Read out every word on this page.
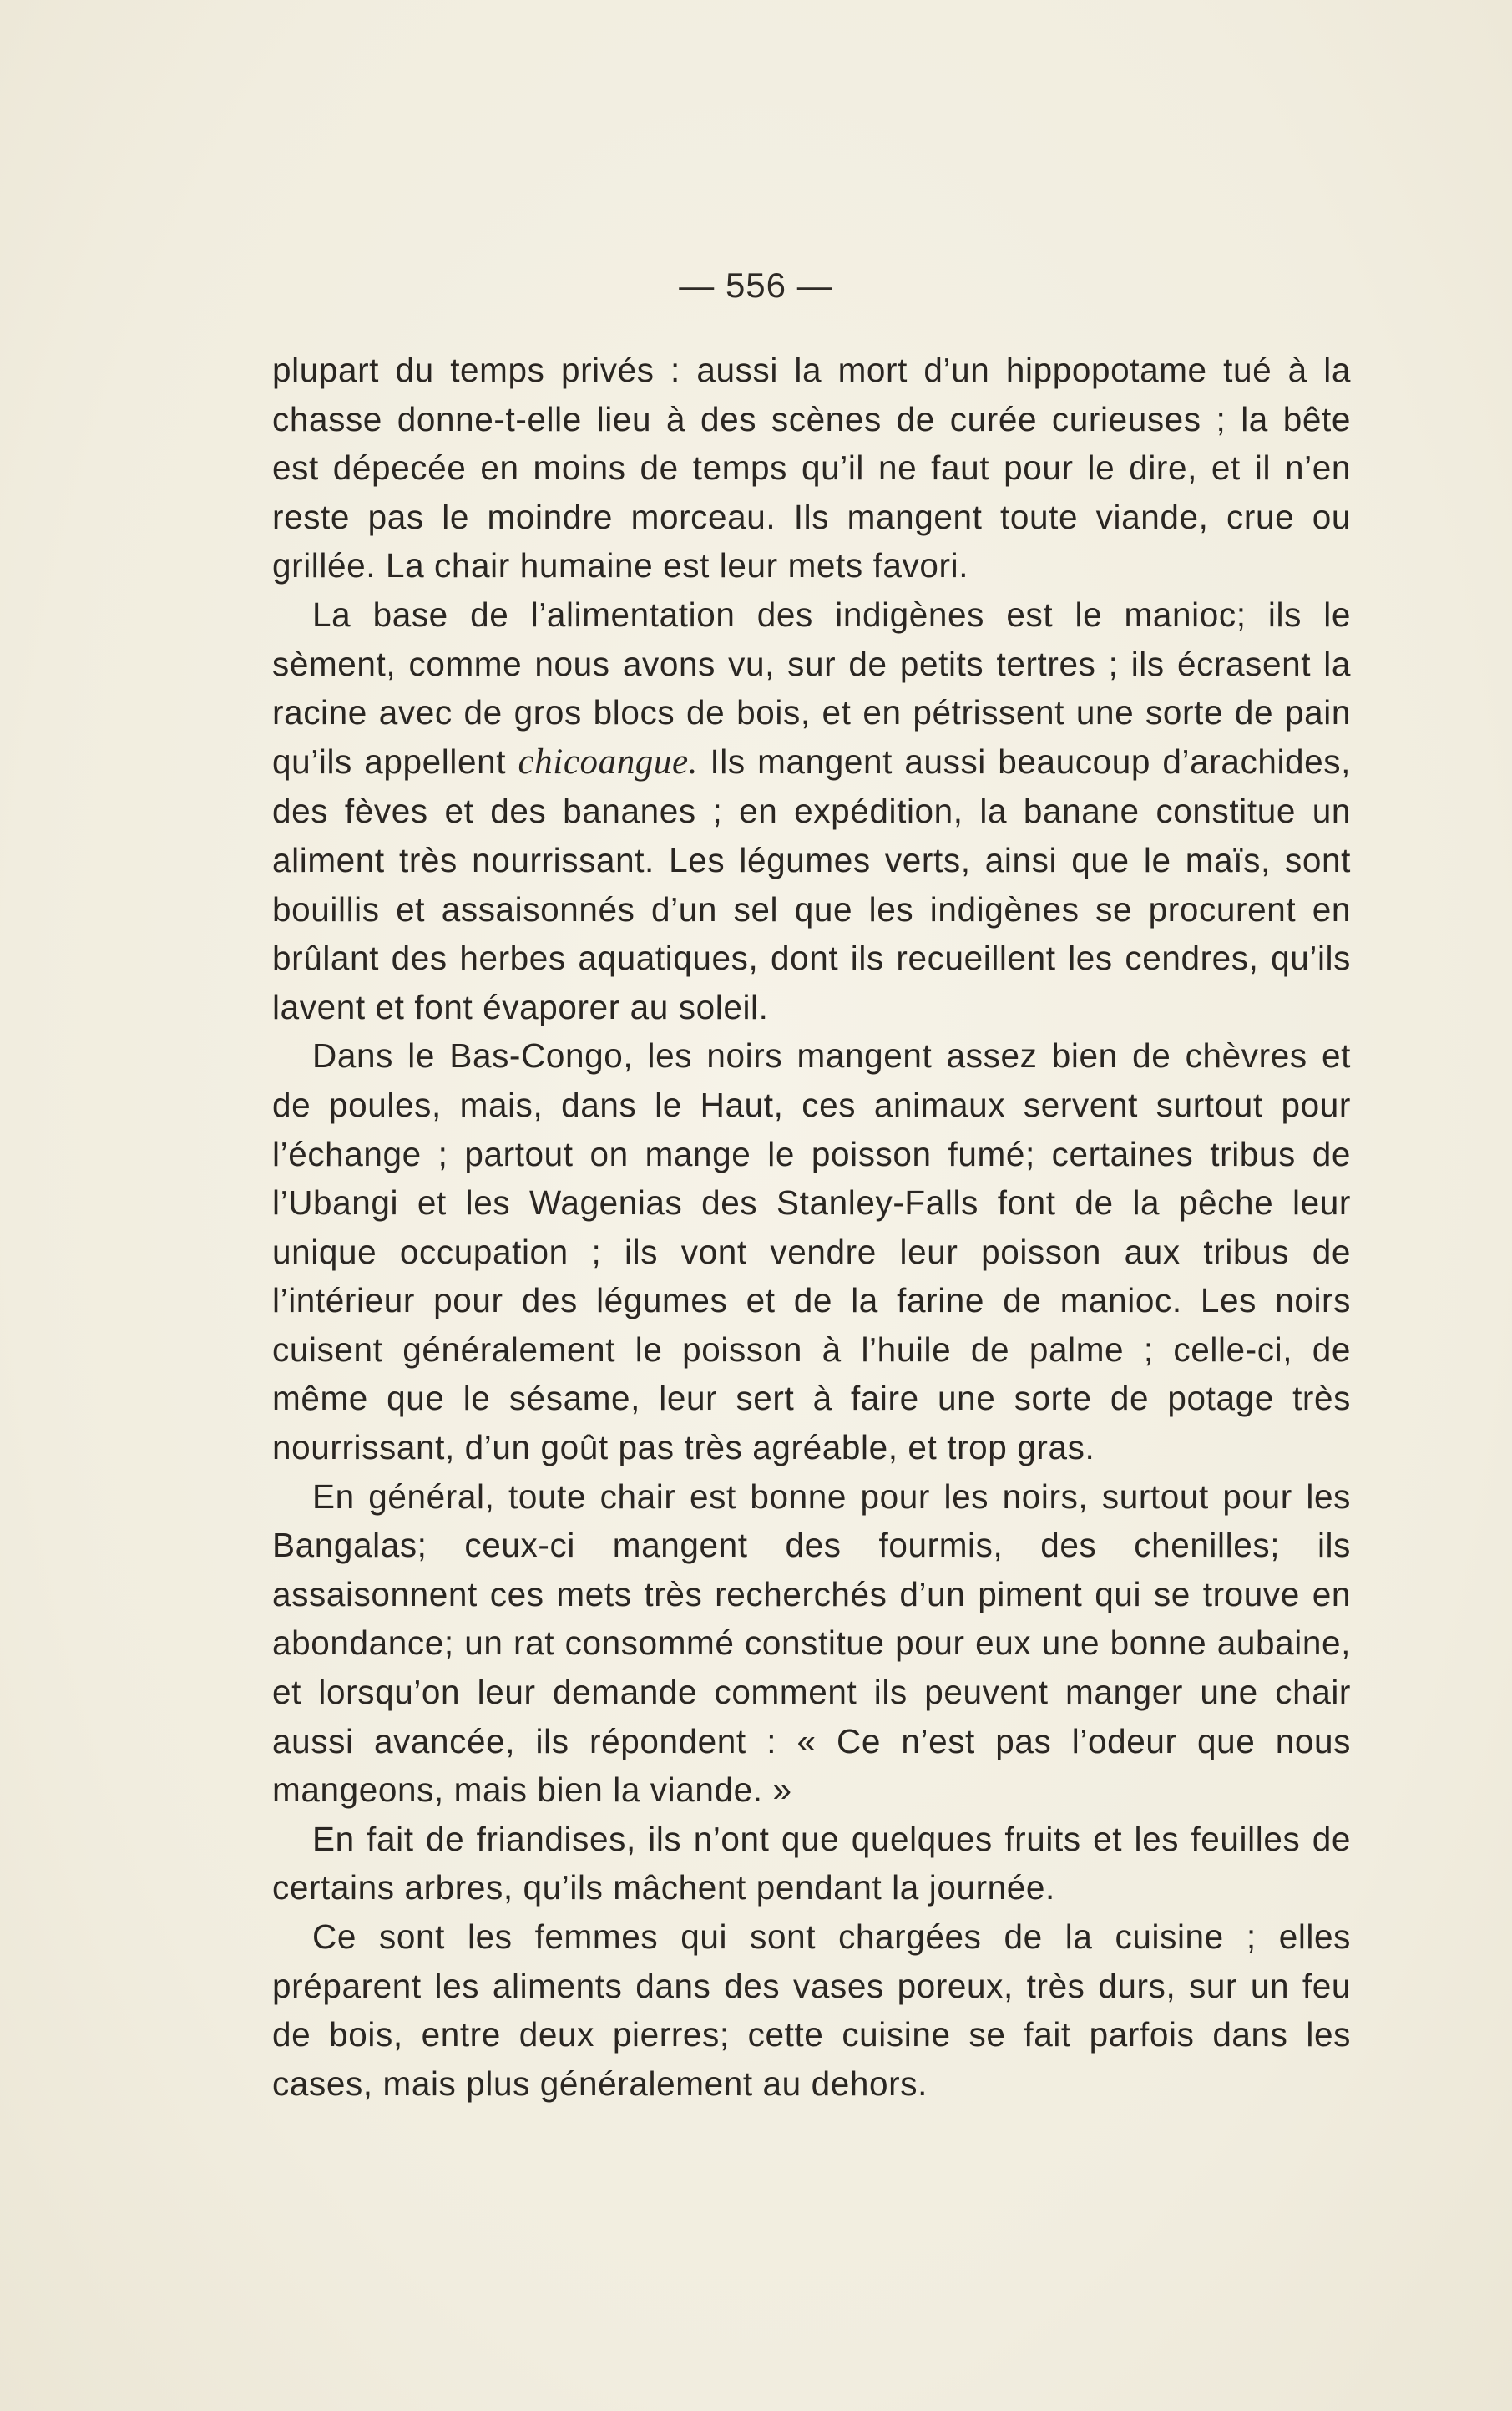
— 556 —

plupart du temps privés : aussi la mort d’un hippopotame tué à la chasse donne-t-elle lieu à des scènes de curée curieuses ; la bête est dépecée en moins de temps qu’il ne faut pour le dire, et il n’en reste pas le moindre morceau. Ils mangent toute viande, crue ou grillée. La chair humaine est leur mets favori.

La base de l’alimentation des indigènes est le manioc; ils le sèment, comme nous avons vu, sur de petits tertres ; ils écrasent la racine avec de gros blocs de bois, et en pétrissent une sorte de pain qu’ils appellent chicoangue. Ils mangent aussi beaucoup d’arachides, des fèves et des bananes ; en expédition, la banane constitue un aliment très nourrissant. Les légumes verts, ainsi que le maïs, sont bouillis et assaisonnés d’un sel que les indigènes se procurent en brûlant des herbes aquatiques, dont ils recueillent les cendres, qu’ils lavent et font évaporer au soleil.

Dans le Bas-Congo, les noirs mangent assez bien de chèvres et de poules, mais, dans le Haut, ces animaux servent surtout pour l’échange ; partout on mange le poisson fumé; certaines tribus de l’Ubangi et les Wagenias des Stanley-Falls font de la pêche leur unique occupation ; ils vont vendre leur poisson aux tribus de l’intérieur pour des légumes et de la farine de manioc. Les noirs cuisent généralement le poisson à l’huile de palme ; celle-ci, de même que le sésame, leur sert à faire une sorte de potage très nourrissant, d’un goût pas très agréable, et trop gras.

En général, toute chair est bonne pour les noirs, surtout pour les Bangalas; ceux-ci mangent des fourmis, des chenilles; ils assaisonnent ces mets très recherchés d’un piment qui se trouve en abondance; un rat consommé constitue pour eux une bonne aubaine, et lorsqu’on leur demande comment ils peuvent manger une chair aussi avancée, ils répondent : « Ce n’est pas l’odeur que nous mangeons, mais bien la viande. »

En fait de friandises, ils n’ont que quelques fruits et les feuilles de certains arbres, qu’ils mâchent pendant la journée.

Ce sont les femmes qui sont chargées de la cuisine ; elles préparent les aliments dans des vases poreux, très durs, sur un feu de bois, entre deux pierres; cette cuisine se fait parfois dans les cases, mais plus généralement au dehors.
